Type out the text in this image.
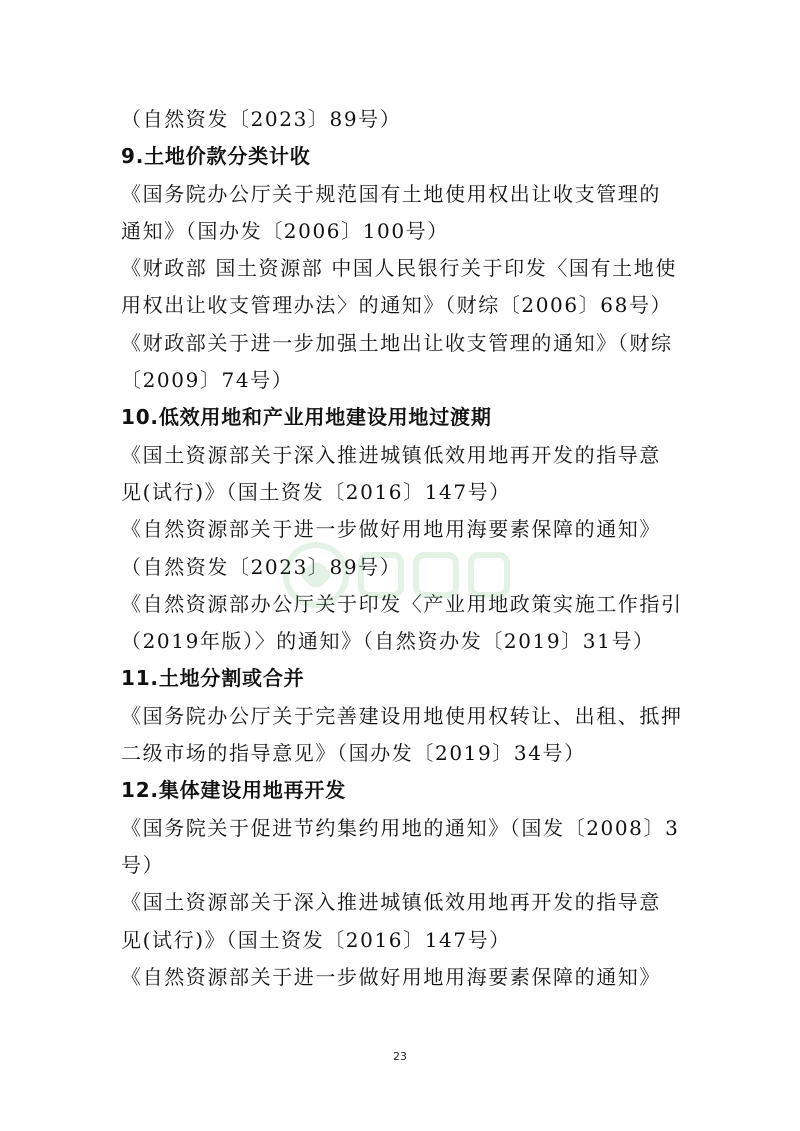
（自然资发〔2023〕89号）
9.土地价款分类计收
《国务院办公厅关于规范国有土地使用权出让收支管理的
通知》（国办发〔2006〕100号）
《财政部 国土资源部 中国人民银行关于印发〈国有土地使
用权出让收支管理办法〉的通知》（财综〔2006〕68号）
《财政部关于进一步加强土地出让收支管理的通知》（财综
〔2009〕74号）
10.低效用地和产业用地建设用地过渡期
《国土资源部关于深入推进城镇低效用地再开发的指导意
见(试行)》（国土资发〔2016〕147号）
《自然资源部关于进一步做好用地用海要素保障的通知》
（自然资发〔2023〕89号）
《自然资源部办公厅关于印发〈产业用地政策实施工作指引
（2019年版）〉的通知》（自然资办发〔2019〕31号）
11.土地分割或合并
《国务院办公厅关于完善建设用地使用权转让、出租、抵押
二级市场的指导意见》（国办发〔2019〕34号）
12.集体建设用地再开发
《国务院关于促进节约集约用地的通知》（国发〔2008〕3
号）
《国土资源部关于深入推进城镇低效用地再开发的指导意
见(试行)》（国土资发〔2016〕147号）
《自然资源部关于进一步做好用地用海要素保障的通知》
23
